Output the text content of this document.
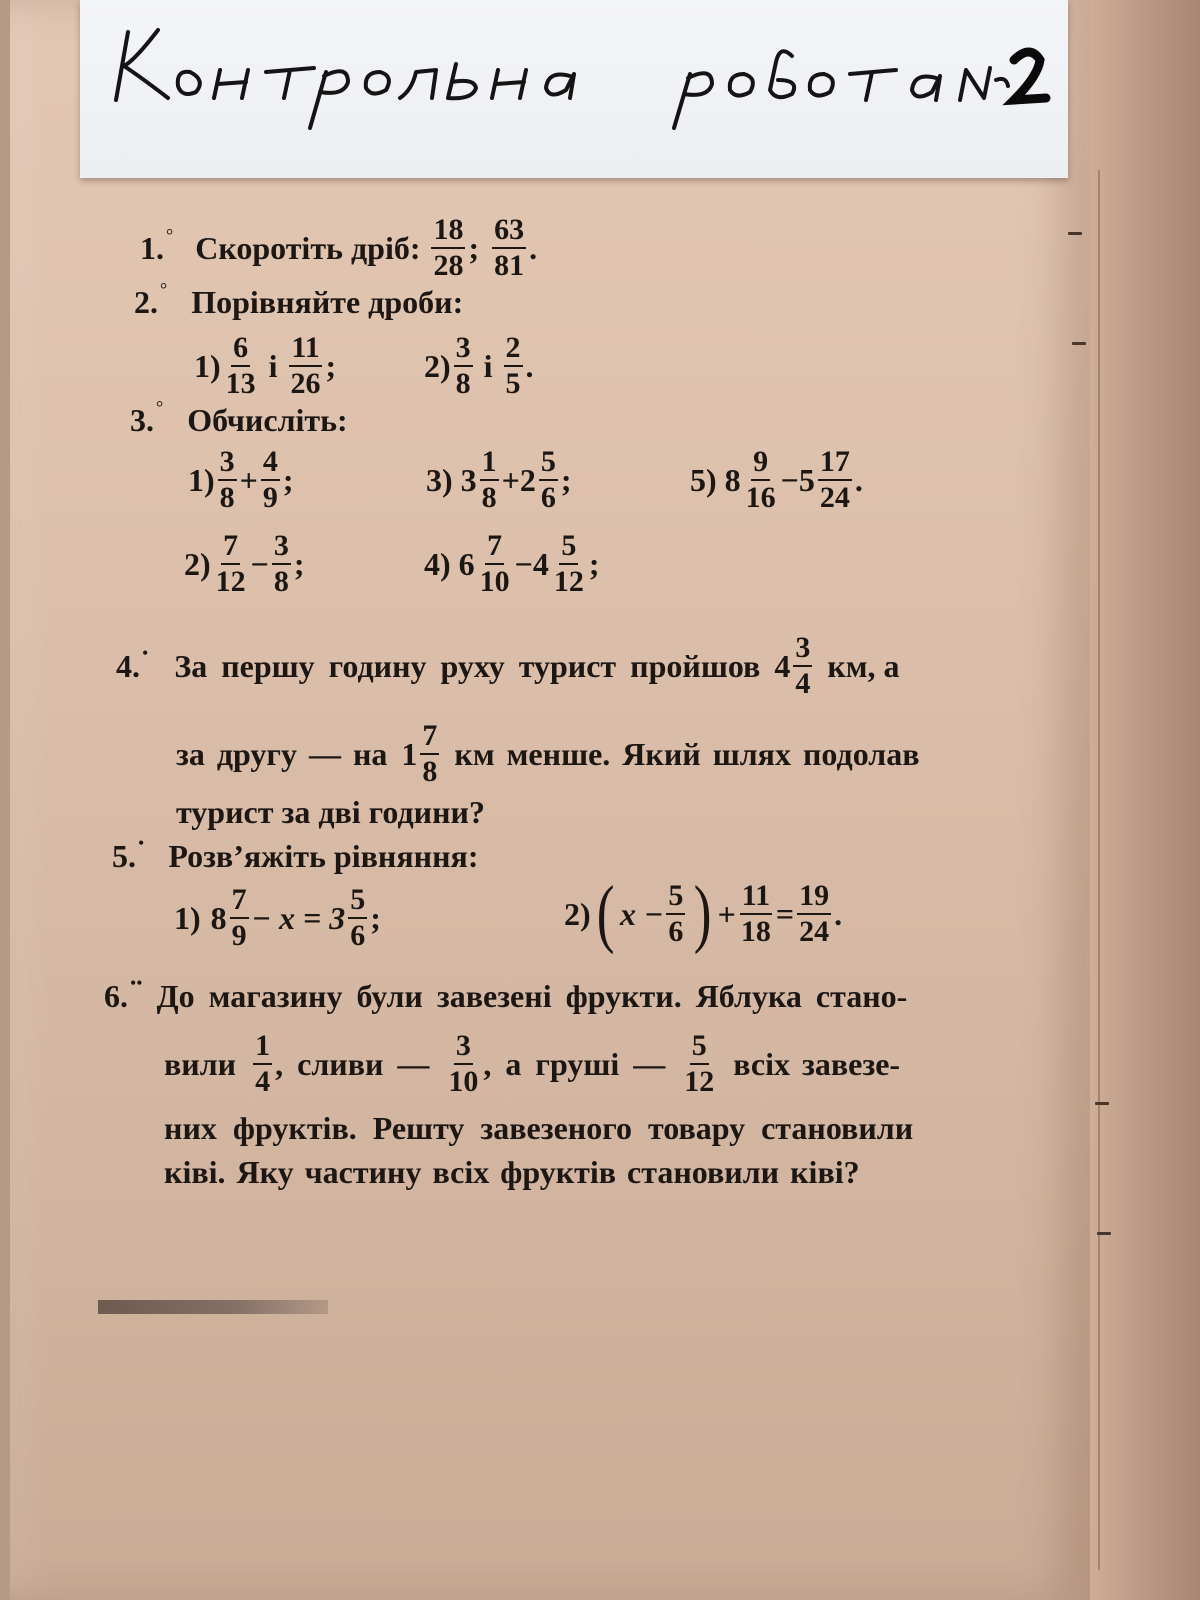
1. ° Скоротіть дріб: $\frac{18}{28}$ ; $\frac{63}{81}$ .
2. ° Порівняйте дроби:
$1) \frac{6}{13}$ і $\frac{11}{26}$ ;	$2) \frac{3}{8}$ і $\frac{2}{5}$ .
3. ° Обчисліть:
$1) \frac{3}{8} + \frac{4}{9}$ ;	3) $3 \frac{1}{8} + 2 \frac{5}{6}$ ;	5) $8 \frac{9}{16} - 5 \frac{17}{24}$ .
$2) \frac{7}{12} - \frac{3}{8}$ ;	4) $6 \frac{7}{10} - 4 \frac{5}{12}$ ;
4. • За першу годину руху турист пройшов $4 \frac{3}{4}$ км, а
за другу — на $1 \frac{7}{8}$ км менше. Який шлях подолав
турист за дві години?
5. • Розв’яжіть рівняння:
1) $8 \frac{7}{9} - x = 3 \frac{5}{6}$ ;	2) ( $x - \frac{5}{6}$ ) + $\frac{11}{18} = \frac{19}{24}$ .
6. •• До магазину були завезені фрукти. Яблука стано-
вили $\frac{1}{4}$ , сливи — $\frac{3}{10}$ , а груші — $\frac{5}{12}$ всіх завезе-
них фруктів. Решту завезеного товару становили
ківі. Яку частину всіх фруктів становили ківі?
